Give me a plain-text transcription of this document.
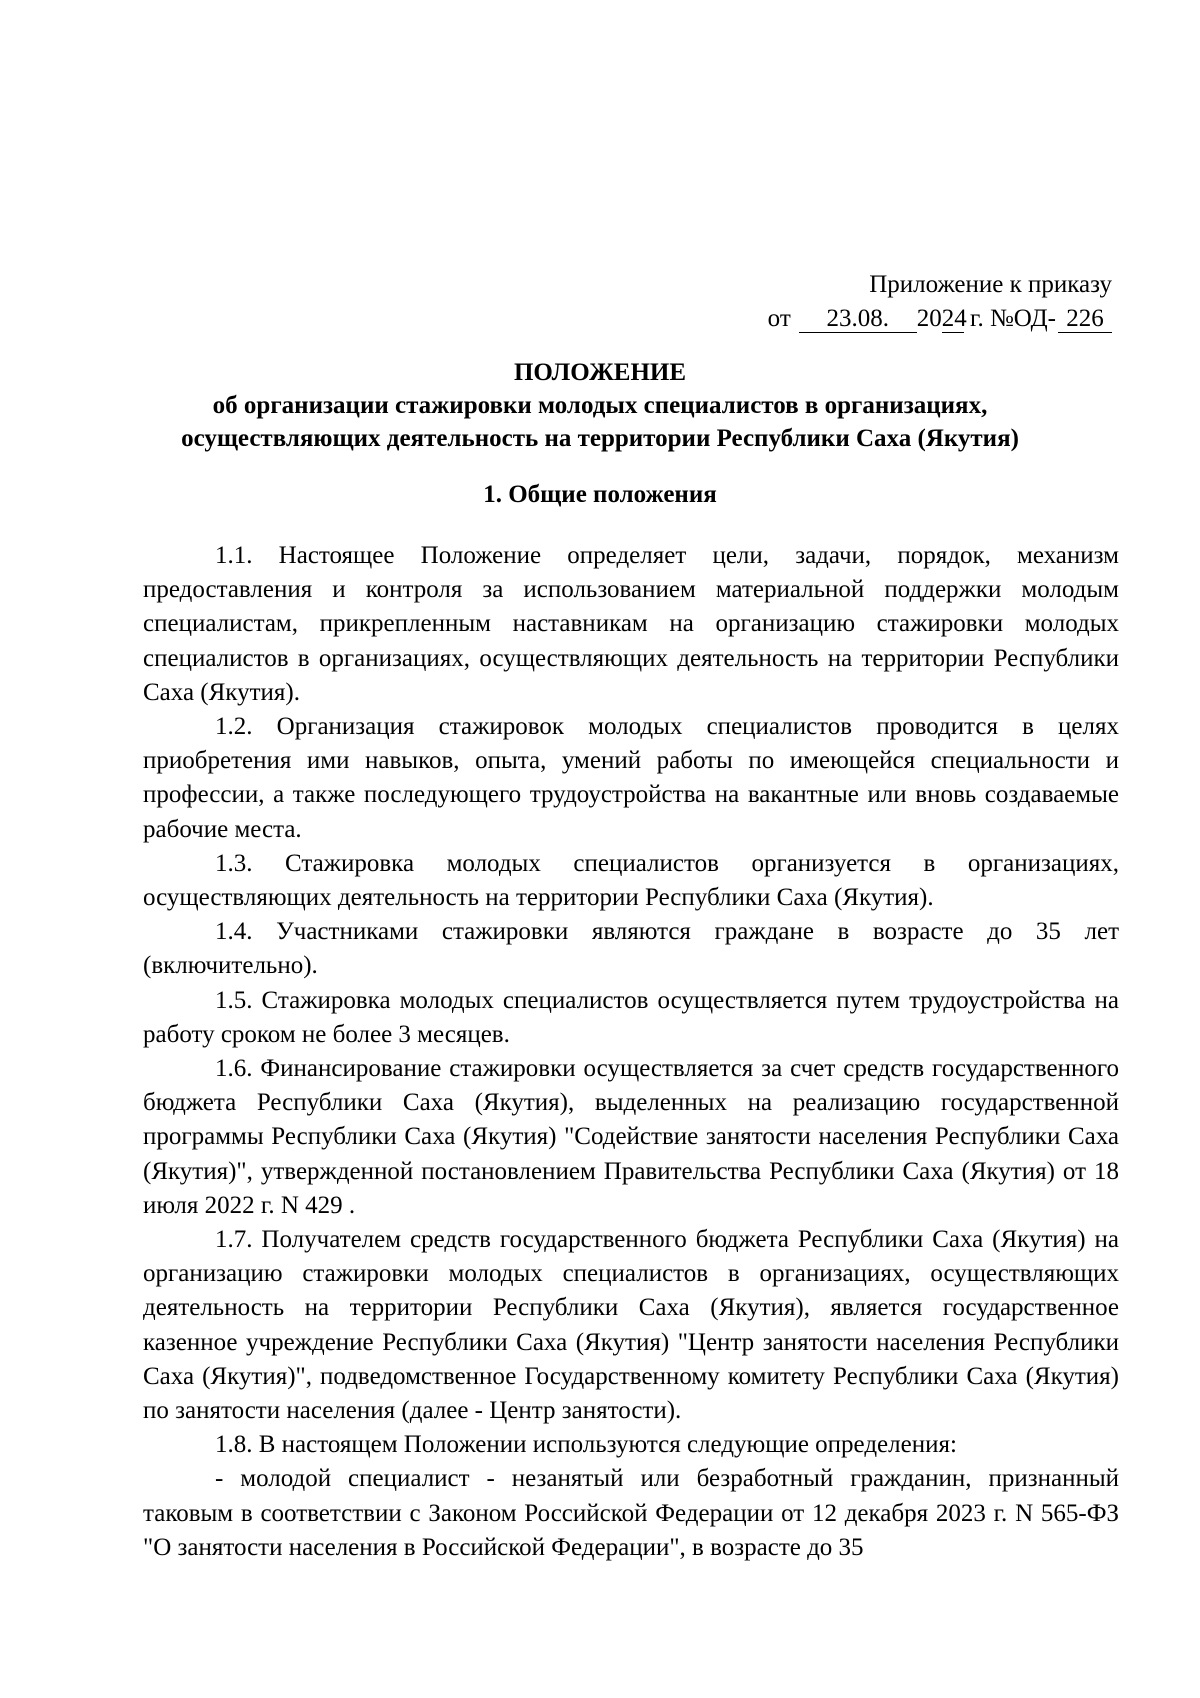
Приложение к приказу
от 23.08. 2024 г. №ОД- 226
ПОЛОЖЕНИЕ
об организации стажировки молодых специалистов в организациях,
осуществляющих деятельность на территории Республики Саха (Якутия)
1. Общие положения

1.1. Настоящее Положение определяет цели, задачи, порядок, механизм предоставления и контроля за использованием материальной поддержки молодым специалистам, прикрепленным наставникам на организацию стажировки молодых специалистов в организациях, осуществляющих деятельность на территории Республики Саха (Якутия).

1.2. Организация стажировок молодых специалистов проводится в целях приобретения ими навыков, опыта, умений работы по имеющейся специальности и профессии, а также последующего трудоустройства на вакантные или вновь создаваемые рабочие места.

1.3. Стажировка молодых специалистов организуется в организациях, осуществляющих деятельность на территории Республики Саха (Якутия).

1.4. Участниками стажировки являются граждане в возрасте до 35 лет (включительно).

1.5. Стажировка молодых специалистов осуществляется путем трудоустройства на работу сроком не более 3 месяцев.

1.6. Финансирование стажировки осуществляется за счет средств государственного бюджета Республики Саха (Якутия), выделенных на реализацию государственной программы Республики Саха (Якутия) "Содействие занятости населения Республики Саха (Якутия)", утвержденной постановлением Правительства Республики Саха (Якутия) от 18 июля 2022 г. N 429 .

1.7. Получателем средств государственного бюджета Республики Саха (Якутия) на организацию стажировки молодых специалистов в организациях, осуществляющих деятельность на территории Республики Саха (Якутия), является государственное казенное учреждение Республики Саха (Якутия) "Центр занятости населения Республики Саха (Якутия)", подведомственное Государственному комитету Республики Саха (Якутия) по занятости населения (далее - Центр занятости).

1.8. В настоящем Положении используются следующие определения:

- молодой специалист - незанятый или безработный гражданин, признанный таковым в соответствии с Законом Российской Федерации от 12 декабря 2023 г. N 565-ФЗ "О занятости населения в Российской Федерации", в возрасте до 35
